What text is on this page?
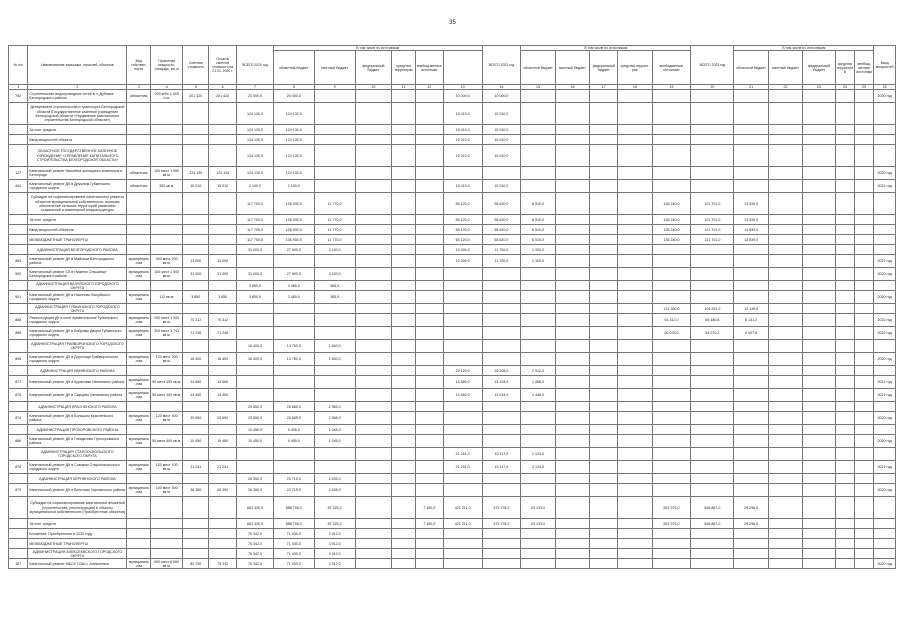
35
№ п/п	Наименование заказчика, отраслей, объектов	Вид собствен-ности	Проектная мощность, площадь, км, м	Сметная стоимость	Остаток сметной стоимости на 01.01. 2020 г.	ВСЕГО 2020 год	В том числе по источникам						ВСЕГО 2021 год	В том числе по источникам					ВСЕГО 2022 год	В том числе по источникам					Ввод мощностей
							областной бюджет	местный бюджет	федеральный бюджет	средства территории	внебюд-жетные источники			областной бюджет	местный бюджет	федеральный бюджет	средства террито-рии	внебюджетные источники		областной бюджет	местный бюджет	федеральный бюджет	средства территорий	внебюд-жетные источники	
1	2	3	4	5	6	7	8	9	10	11	12	13	14	15	16	17	18	19	20	21	22	23	24	25	26
792	Строительство водопроводных сетей в п. Дубовое Белгородского района	областная	200 м3/с 1 000 п.м.	201 420	201 420	20 000,0	20 000,0					10 000,0	10 000,0												2020 год
	Департамент строительства и транспорта Белгородской области (Государственное казенное учреждение Белгородской области «Управление капитального строительства Белгородской области»)					124 130,0	124 130,0					15 010,0	15 010,0												
	За счет средств					124 130,0	124 130,0					15 010,0	15 010,0												
	Ввод мощностей объекта					124 130,0	124 130,0					15 010,0	15 010,0												
	ОБЛАСТНОЕ ГОСУДАРСТВЕННОЕ КАЗЕННОЕ УЧРЕЖДЕНИЕ «УПРАВЛЕНИЕ КАПИТАЛЬНОГО СТРОИТЕЛЬСТВА БЕЛГОРОДСКОЙ ОБЛАСТИ»					124 130,0	124 130,0					15 010,0	15 010,0												
127	Капитальный ремонт бассейна жилищного комплекса в Белгороде	областная	100 мест 1 000 кв.м.	124 130	124 130	124 130,0	124 130,0																		2020 год
444	Капитальный ремонт ДК в Дружном Губкинского городского округа	областная	300 кв.м.	15 010	15 010	2 100,0	2 100,0					15 010,0	15 010,0												2021 год
	Субсидии на софинансирование капитального ремонта объектов муниципальной собственности, включая обеспечение сельских территорий развитием социальной и инженерной инфраструктуры					117 700,0	105 930,0	11 770,0				65 120,0	58 620,0	6 510,0				135 240,0	121 701,0	13 539,0					
	За счет средств					117 700,0	105 930,0	11 770,0				65 120,0	58 620,0	6 510,0				135 240,0	121 701,0	13 539,0					
	Ввод мощностей объектов					117 700,0	105 930,0	11 770,0				65 120,0	58 620,0	6 510,0				135 240,0	121 701,0	13 539,0					
	МЕЖБЮДЖЕТНЫЕ ТРАНСФЕРТЫ					117 700,0	105 930,0	11 770,0				65 120,0	58 620,0	6 510,0				135 240,0	121 701,0	13 539,0					
	АДМИНИСТРАЦИЯ БЕЛГОРОДСКОГО РАЙОНА					31 000,0	27 900,0	3 100,0				13 000,0	11 700,0	1 300,0											
883	Капитальный ремонт ДК в Майском Белгородского района	муниципаль-ная	400 мест 200 кв.м.	13 000	13 000							13 000,0	11 700,0	1 300,0											2021 год
900	Капитальный ремонт СК в Нижнем Ольшанце Белгородского района	муниципаль-ная	100 мест 1 000 кв.м.	31 000	31 000	31 000,0	27 900,0	3 100,0																	2020 год
	АДМИНИСТРАЦИЯ ВАЛУЙСКОГО ГОРОДСКОГО ОКРУГА					3 850,0	3 465,0	385,0																	
901	Капитальный ремонт ДК в Насоново Валуйского городского округа	муниципаль-ная	112 кв.м.	3 850	3 850	3 850,0	3 465,0	385,0																	2020 год
	АДМИНИСТРАЦИЯ ГУБКИНСКОГО ГОРОДСКОГО ОКРУГА																	121 390,0	109 251,0	12 139,0					
888	Реконструкция ДК в селе Архангельское Губкинского городского округа	муниципаль-ная	200 мест 1 000 кв.м.	70 312	70 312													61 312,0	55 180,8	6 131,2					2022 год
889	Капитальный ремонт ДК в Бобровы Дворы Губкинского городского округа	муниципаль-ная	300 мест 3 741 кв.м.	71 246	71 246													60 078,0	54 070,2	6 007,8					2022 год
	АДМИНИСТРАЦИЯ ГРАЙВОРОНСКОГО ГОРОДСКОГО ОКРУГА					16 400,0	14 760,0	1 640,0																	
895	Капитальный ремонт ДК в Дорогощи Грайворонского городского округа	муниципаль-ная	120 мест 200 кв.м.	16 400	16 400	16 400,0	14 760,0	1 640,0																	2020 год
	АДМИНИСТРАЦИЯ ИВНЯНСКОГО РАЙОНА											29 120,0	26 208,0	2 912,0											
877	Капитальный ремонт ДК в Курасовке Ивнянского района	муниципаль-ная	50 мест 100 кв.м.	14 660	14 660							14 660,0	13 194,0	1 466,0											2021 год
878	Капитальный ремонт ДК в Сырцево Ивнянского района	муниципаль-ная	50 мест 100 кв.м.	14 460	14 460							14 460,0	13 014,0	1 446,0											2021 год
	АДМИНИСТРАЦИЯ КРАСНЕНСКОГО РАЙОНА					29 650,0	26 685,0	2 965,0																	
874	Капитальный ремонт ДК в Большом Красненского района	муниципаль-ная	120 мест 400 кв.м.	29 650	29 650	29 650,0	26 685,0	2 965,0																	2020 год
	АДМИНИСТРАЦИЯ ПРОХОРОВСКОГО РАЙОНА					10 450,0	9 405,0	1 045,0																	
886	Капитальный ремонт ДК в Гнездилово Прохоровского района	муниципаль-ная	50 мест 400 кв.м.	10 450	10 450	10 450,0	9 405,0	1 045,0																	2020 год
	АДМИНИСТРАЦИЯ СТАРООСКОЛЬСКОГО ГОРОДСКОГО ОКРУГА											21 241,0	19 117,0	2 124,0											
876	Капитальный ремонт ДК в Соковом Старооскольского городского округа	муниципаль-ная	120 мест 100 кв.м.	21 241	21 241							21 241,0	19 117,0	2 124,0											2021 год
	АДМИНИСТРАЦИЯ ЧЕРНЯНСКОГО РАЙОНА					26 350,0	23 715,0	2 635,0																	
879	Капитальный ремонт ДК в Волотово Чернянского района	муниципаль-ная	100 мест 500 кв.м.	26 350	26 350	26 350,0	23 715,0	2 635,0																	2020 год
	Субсидии на софинансирование капитальных вложений (строительства, реконструкции) в объекты муниципальной собственности (Приобретение объектов)					683 330,0	588 795,0	87 325,0			7 190,0	421 311,0	373 178,0	43 133,0				557 975,0	528 867,0	29 298,0					
	За счет средств					683 330,0	588 795,0	87 325,0			7 190,0	421 311,0	373 178,0	43 133,0				557 975,0	528 867,0	29 298,0					
	Вложения: Приобретение в 2020 году					75 342,0	71 430,0	3 912,0																	
	МЕЖБЮДЖЕТНЫЕ ТРАНСФЕРТЫ					75 342,0	71 430,0	3 912,0																	
	АДМИНИСТРАЦИЯ АЛЕКСЕЕВСКОГО ГОРОДСКОГО ОКРУГА					75 342,0	71 430,0	3 912,0																	
187	Капитальный ремонт МБОУ СОШ г. Алексеевка	муниципаль-ная	600 мест 8 000 кв.м.	80 750	75 342	75 342,0	71 430,0	3 912,0																	2020 год
